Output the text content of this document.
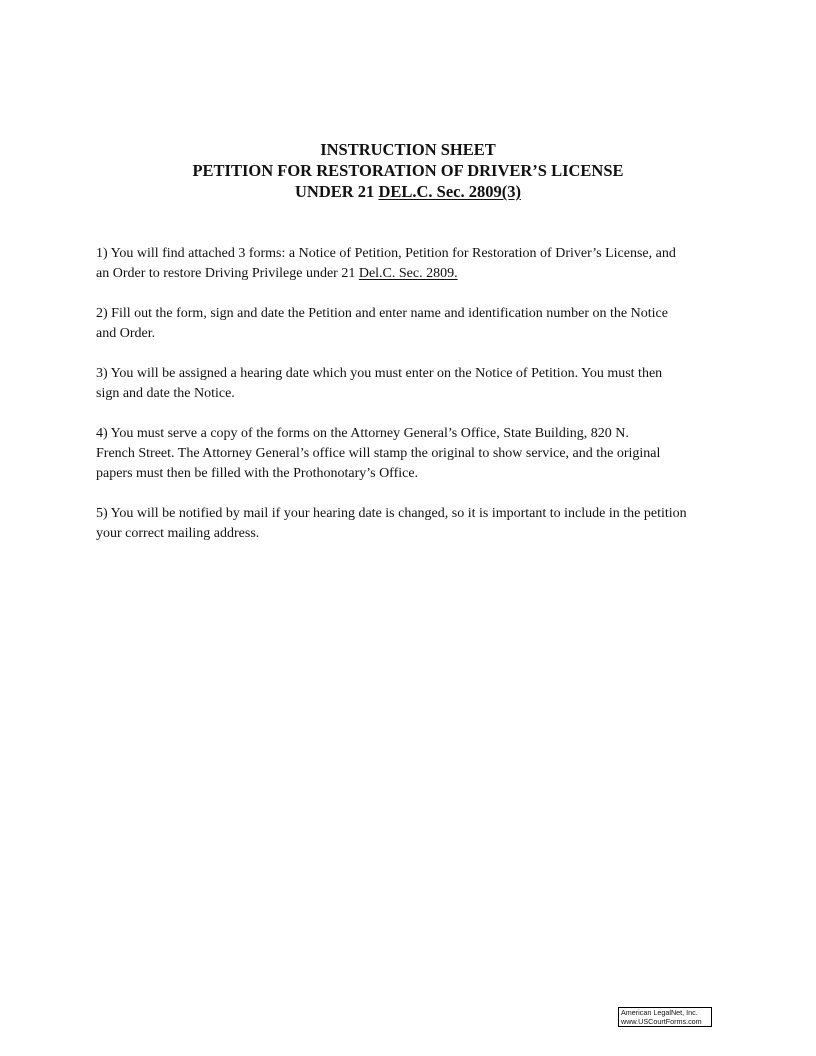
INSTRUCTION SHEET
PETITION FOR RESTORATION OF DRIVER’S LICENSE
UNDER 21 DEL.C. Sec. 2809(3)

1) You will find attached 3 forms: a Notice of Petition, Petition for Restoration of Driver’s License, and
an Order to restore Driving Privilege under 21 Del.C. Sec. 2809.

2) Fill out the form, sign and date the Petition and enter name and identification number on the Notice
and Order.

3) You will be assigned a hearing date which you must enter on the Notice of Petition. You must then
sign and date the Notice.

4) You must serve a copy of the forms on the Attorney General’s Office, State Building, 820 N.
French Street. The Attorney General’s office will stamp the original to show service, and the original
papers must then be filled with the Prothonotary’s Office.

5) You will be notified by mail if your hearing date is changed, so it is important to include in the petition
your correct mailing address.

American LegalNet, Inc.
www.USCourtForms.com
